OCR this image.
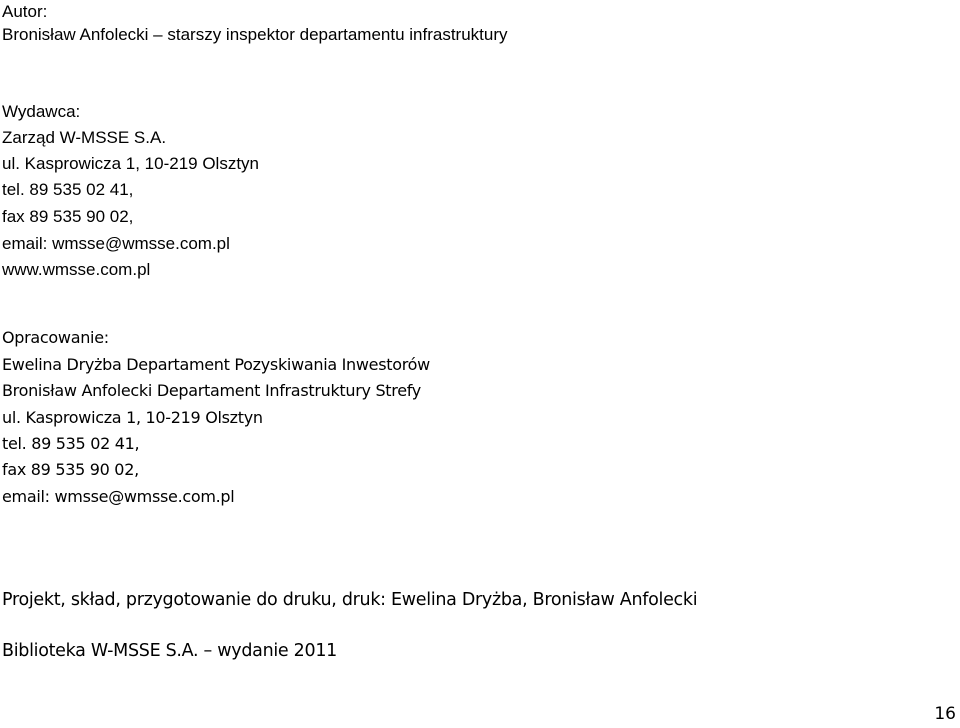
Autor:
Bronisław Anfolecki – starszy inspektor departamentu infrastruktury
Wydawca:
Zarząd W-MSSE S.A.
ul. Kasprowicza 1, 10-219 Olsztyn
tel. 89 535 02 41,
fax 89 535 90 02,
email: wmsse@wmsse.com.pl
www.wmsse.com.pl
Opracowanie:
Ewelina Dryżba Departament Pozyskiwania Inwestorów
Bronisław Anfolecki Departament Infrastruktury Strefy
ul. Kasprowicza 1, 10-219 Olsztyn
tel. 89 535 02 41,
fax 89 535 90 02,
email: wmsse@wmsse.com.pl
Projekt, skład, przygotowanie do druku, druk: Ewelina Dryżba, Bronisław Anfolecki
Biblioteka W-MSSE S.A. – wydanie 2011
16
